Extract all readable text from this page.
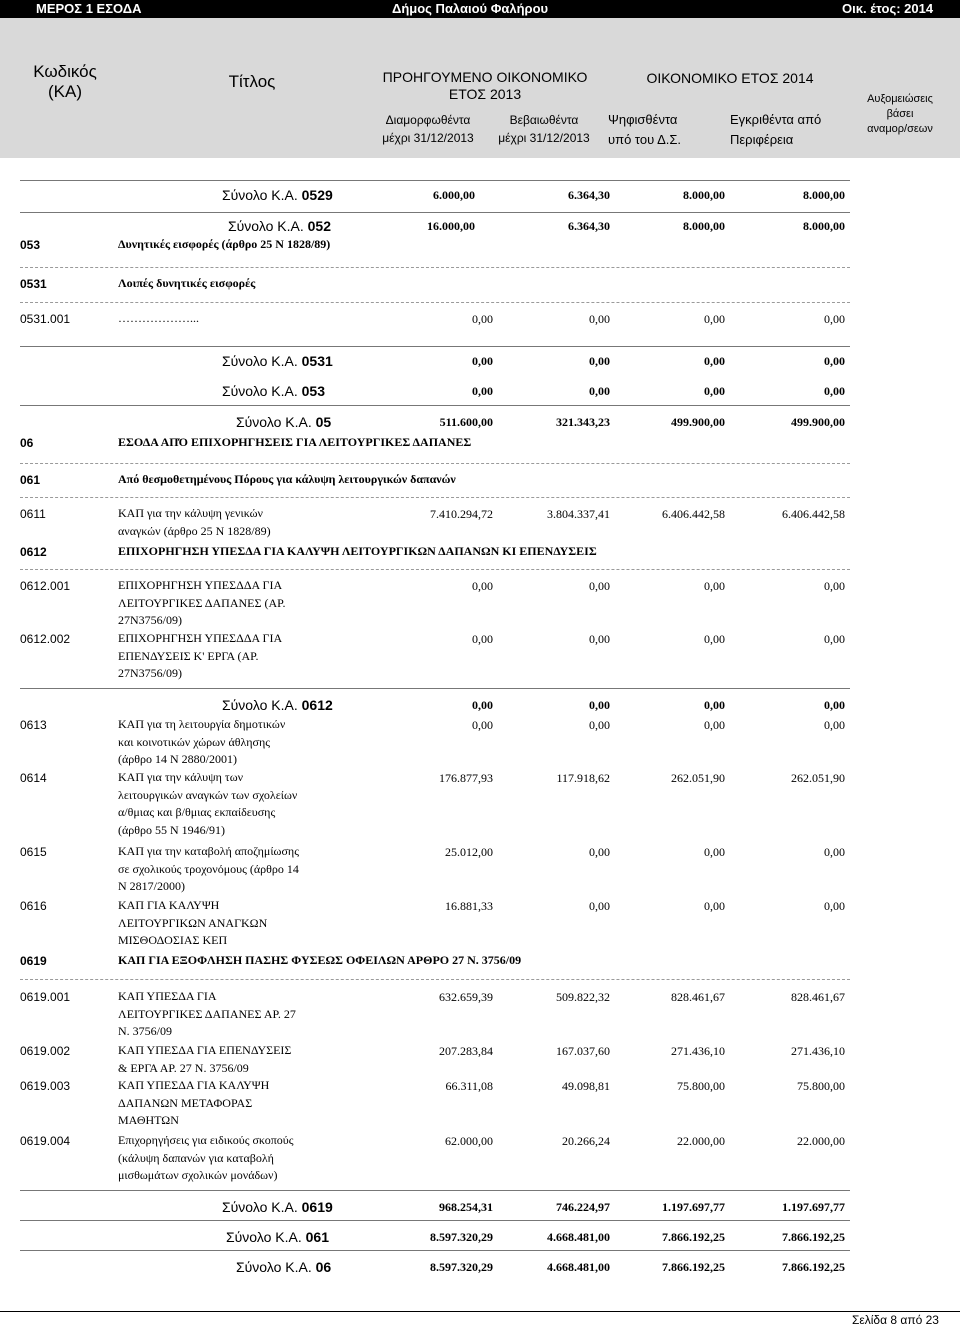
ΜΕΡΟΣ 1 ΕΣΟΔΑ	Δήμος Παλαιού Φαλήρου	Οικ. έτος: 2014
Κωδικός
(ΚΑ)
Τίτλος	ΠΡΟΗΓΟΥΜΕΝΟ ΟΙΚΟΝΟΜΙΚΟ
ΕΤΟΣ 2013
Διαμορφωθέντα
μέχρι 31/12/2013
Βεβαιωθέντα
μέχρι 31/12/2013
ΟΙΚΟΝΟΜΙΚΟ ΕΤΟΣ 2014
Ψηφισθέντα
υπό του Δ.Σ.
Εγκριθέντα από
Περιφέρεια
Αυξομειώσεις
βάσει
αναμορ/σεων
Σύνολο Κ.Α. 0529	6.000,00	6.364,30	8.000,00	8.000,00
Σύνολο Κ.Α. 052	16.000,00	6.364,30	8.000,00	8.000,00
053	Δυνητικές εισφορές (άρθρο 25 Ν 1828/89)
0531	Λοιπές δυνητικές εισφορές
0531.001	………………...	0,00	0,00	0,00	0,00
Σύνολο Κ.Α. 0531	0,00	0,00	0,00	0,00
Σύνολο Κ.Α. 053	0,00	0,00	0,00	0,00
Σύνολο Κ.Α. 05	511.600,00	321.343,23	499.900,00	499.900,00
06	ΕΣΟΔΑ ΑΠΌ ΕΠΙΧΟΡΗΓΗΣΕΙΣ ΓΙΑ ΛΕΙΤΟΥΡΓΙΚΕΣ ΔΑΠΑΝΕΣ
061	Από θεσμοθετημένους Πόρους για κάλυψη λειτουργικών δαπανών
0611	ΚΑΠ για την κάλυψη γενικών
αναγκών (άρθρο 25 Ν 1828/89)
7.410.294,72	3.804.337,41	6.406.442,58	6.406.442,58
0612	ΕΠΙΧΟΡΗΓΗΣΗ ΥΠΕΣΔΑ ΓΙΑ ΚΑΛΥΨΗ ΛΕΙΤΟΥΡΓΙΚΩΝ ΔΑΠΑΝΩΝ ΚΙ ΕΠΕΝΔΥΣΕΙΣ
0612.001	ΕΠΙΧΟΡΗΓΗΣΗ ΥΠΕΣΔΔΑ ΓΙΑ
ΛΕΙΤΟΥΡΓΙΚΕΣ ΔΑΠΑΝΕΣ (ΑΡ.
27Ν3756/09)
0,00	0,00	0,00	0,00
0612.002	ΕΠΙΧΟΡΗΓΗΣΗ ΥΠΕΣΔΔΑ ΓΙΑ
ΕΠΕΝΔΥΣΕΙΣ Κ' ΕΡΓΑ (ΑΡ.
27Ν3756/09)
0,00	0,00	0,00	0,00
Σύνολο Κ.Α. 0612	0,00	0,00	0,00	0,00
0613	ΚΑΠ για τη λειτουργία δημοτικών
και κοινοτικών χώρων άθλησης
(άρθρο 14 Ν 2880/2001)
0,00	0,00	0,00	0,00
0614	ΚΑΠ για την κάλυψη των
λειτουργικών αναγκών των σχολείων
α/θμιας και β/θμιας εκπαίδευσης
(άρθρο 55 Ν 1946/91)
176.877,93	117.918,62	262.051,90	262.051,90
0615	ΚΑΠ για την καταβολή αποζημίωσης
σε σχολικούς τροχονόμους (άρθρο 14
Ν 2817/2000)
25.012,00	0,00	0,00	0,00
0616	ΚΑΠ ΓΙΑ ΚΑΛΥΨΗ
ΛΕΙΤΟΥΡΓΙΚΩΝ ΑΝΑΓΚΩΝ
ΜΙΣΘΟΔΟΣΙΑΣ ΚΕΠ
16.881,33	0,00	0,00	0,00
0619	ΚΑΠ ΓΙΑ ΕΞΟΦΛΗΣΗ ΠΑΣΗΣ ΦΥΣΕΩΣ ΟΦΕΙΛΩΝ ΑΡΘΡΟ 27 Ν. 3756/09
0619.001	ΚΑΠ ΥΠΕΣΔΑ ΓΙΑ
ΛΕΙΤΟΥΡΓΙΚΕΣ ΔΑΠΑΝΕΣ ΑΡ. 27
Ν. 3756/09
632.659,39	509.822,32	828.461,67	828.461,67
0619.002	ΚΑΠ ΥΠΕΣΔΑ ΓΙΑ ΕΠΕΝΔΥΣΕΙΣ
& ΕΡΓΑ ΑΡ. 27 Ν. 3756/09
207.283,84	167.037,60	271.436,10	271.436,10
0619.003	ΚΑΠ ΥΠΕΣΔΑ ΓΙΑ ΚΑΛΥΨΗ
ΔΑΠΑΝΩΝ ΜΕΤΑΦΟΡΑΣ
ΜΑΘΗΤΩΝ
66.311,08	49.098,81	75.800,00	75.800,00
0619.004	Επιχορηγήσεις για ειδικούς σκοπούς
(κάλυψη δαπανών για καταβολή
μισθωμάτων σχολικών μονάδων)
62.000,00	20.266,24	22.000,00	22.000,00
Σύνολο Κ.Α. 0619	968.254,31	746.224,97	1.197.697,77	1.197.697,77
Σύνολο Κ.Α. 061	8.597.320,29	4.668.481,00	7.866.192,25	7.866.192,25
Σύνολο Κ.Α. 06	8.597.320,29	4.668.481,00	7.866.192,25	7.866.192,25
Σελίδα 8 από 23
